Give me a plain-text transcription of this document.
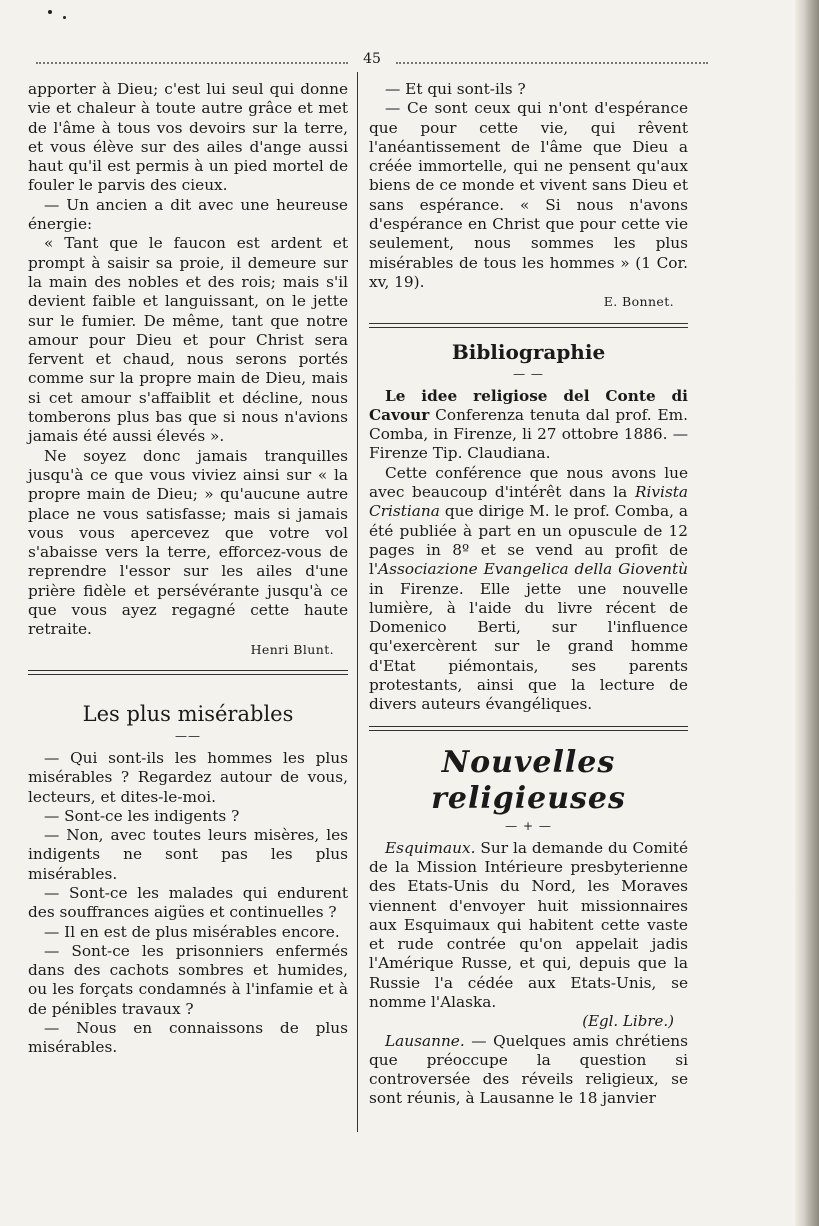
45

apporter à Dieu; c'est lui seul qui donne vie et chaleur à toute autre grâce et met de l'âme à tous vos devoirs sur la terre, et vous élève sur des ailes d'ange aussi haut qu'il est permis à un pied mortel de fouler le parvis des cieux.

— Un ancien a dit avec une heureuse énergie:

« Tant que le faucon est ardent et prompt à saisir sa proie, il demeure sur la main des nobles et des rois; mais s'il devient faible et languissant, on le jette sur le fumier. De même, tant que notre amour pour Dieu et pour Christ sera fervent et chaud, nous serons portés comme sur la propre main de Dieu, mais si cet amour s'affaiblit et décline, nous tomberons plus bas que si nous n'avions jamais été aussi élevés ».

Ne soyez donc jamais tranquilles jusqu'à ce que vous viviez ainsi sur « la propre main de Dieu; » qu'aucune autre place ne vous satisfasse; mais si jamais vous vous apercevez que votre vol s'abaisse vers la terre, efforcez-vous de reprendre l'essor sur les ailes d'une prière fidèle et persévérante jusqu'à ce que vous ayez regagné cette haute retraite.

Henri Blunt.

Les plus misérables
——

— Qui sont-ils les hommes les plus misérables ? Regardez autour de vous, lecteurs, et dites-le-moi.

— Sont-ce les indigents ?

— Non, avec toutes leurs misères, les indigents ne sont pas les plus misérables.

— Sont-ce les malades qui endurent des souffrances aigües et continuelles ?

— Il en est de plus misérables encore.

— Sont-ce les prisonniers enfermés dans des cachots sombres et humides, ou les forçats condamnés à l'infamie et à de pénibles travaux ?

— Nous en connaissons de plus misérables.

— Et qui sont-ils ?

— Ce sont ceux qui n'ont d'espérance que pour cette vie, qui rêvent l'anéantissement de l'âme que Dieu a créée immortelle, qui ne pensent qu'aux biens de ce monde et vivent sans Dieu et sans espérance. « Si nous n'avons d'espérance en Christ que pour cette vie seulement, nous sommes les plus misérables de tous les hommes » (1 Cor. xv, 19).

E. Bonnet.

Bibliographie
— —

Le idee religiose del Conte di Cavour Conferenza tenuta dal prof. Em. Comba, in Firenze, li 27 ottobre 1886. — Firenze Tip. Claudiana.

Cette conférence que nous avons lue avec beaucoup d'intérêt dans la Rivista Cristiana que dirige M. le prof. Comba, a été publiée à part en un opuscule de 12 pages in 8º et se vend au profit de l'Associazione Evangelica della Gioventù in Firenze. Elle jette une nouvelle lumière, à l'aide du livre récent de Domenico Berti, sur l'influence qu'exercèrent sur le grand homme d'Etat piémontais, ses parents protestants, ainsi que la lecture de divers auteurs évangéliques.

Nouvelles religieuses
— + —

Esquimaux. Sur la demande du Comité de la Mission Intérieure presbyterienne des Etats-Unis du Nord, les Moraves viennent d'envoyer huit missionnaires aux Esquimaux qui habitent cette vaste et rude contrée qu'on appelait jadis l'Amérique Russe, et qui, depuis que la Russie l'a cédée aux Etats-Unis, se nomme l'Alaska.

(Egl. Libre.)

Lausanne. — Quelques amis chrétiens que préoccupe la question si controversée des réveils religieux, se sont réunis, à Lausanne le 18 janvier
